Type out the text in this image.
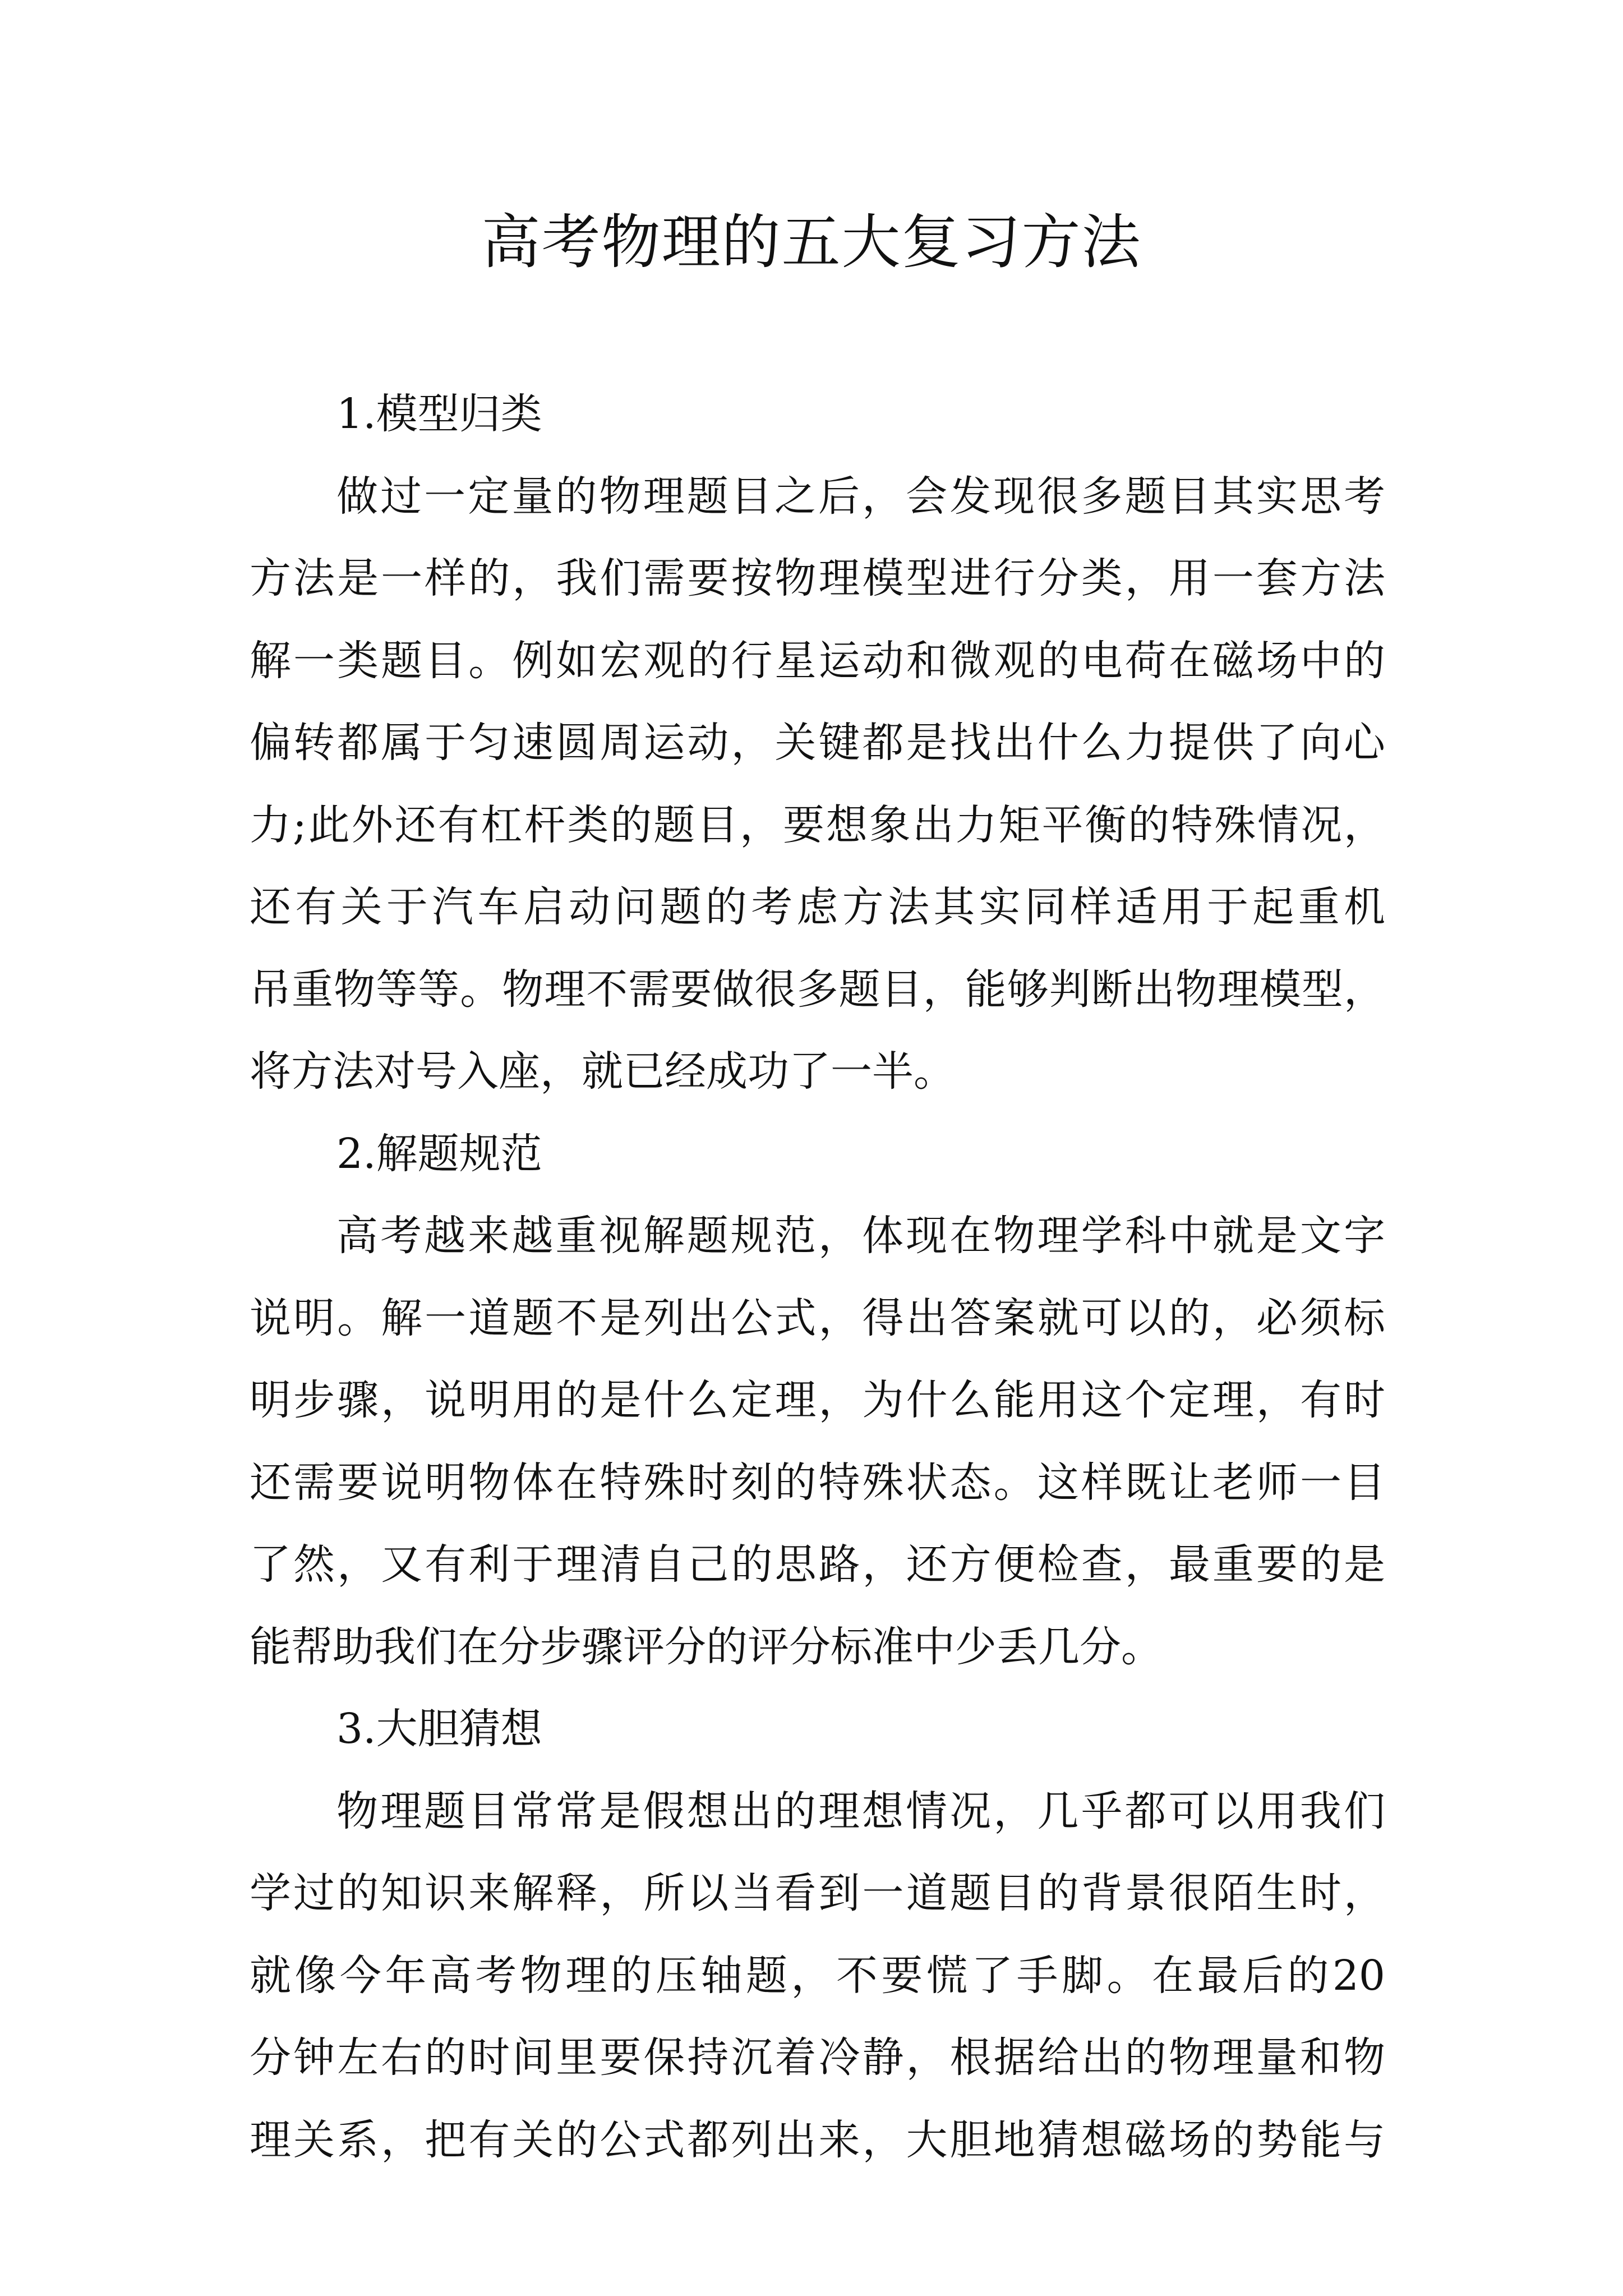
高考物理的五大复习方法
1.模型归类
做过一定量的物理题目之后，会发现很多题目其实思考
方法是一样的，我们需要按物理模型进行分类，用一套方法
解一类题目。例如宏观的行星运动和微观的电荷在磁场中的
偏转都属于匀速圆周运动，关键都是找出什么力提供了向心
力;此外还有杠杆类的题目，要想象出力矩平衡的特殊情况，
还有关于汽车启动问题的考虑方法其实同样适用于起重机
吊重物等等。物理不需要做很多题目，能够判断出物理模型，
将方法对号入座，就已经成功了一半。
2.解题规范
高考越来越重视解题规范，体现在物理学科中就是文字
说明。解一道题不是列出公式，得出答案就可以的，必须标
明步骤，说明用的是什么定理，为什么能用这个定理，有时
还需要说明物体在特殊时刻的特殊状态。这样既让老师一目
了然，又有利于理清自己的思路，还方便检查，最重要的是
能帮助我们在分步骤评分的评分标准中少丢几分。
3.大胆猜想
物理题目常常是假想出的理想情况，几乎都可以用我们
学过的知识来解释，所以当看到一道题目的背景很陌生时，
就像今年高考物理的压轴题，不要慌了手脚。在最后的20
分钟左右的时间里要保持沉着冷静，根据给出的物理量和物
理关系，把有关的公式都列出来，大胆地猜想磁场的势能与
